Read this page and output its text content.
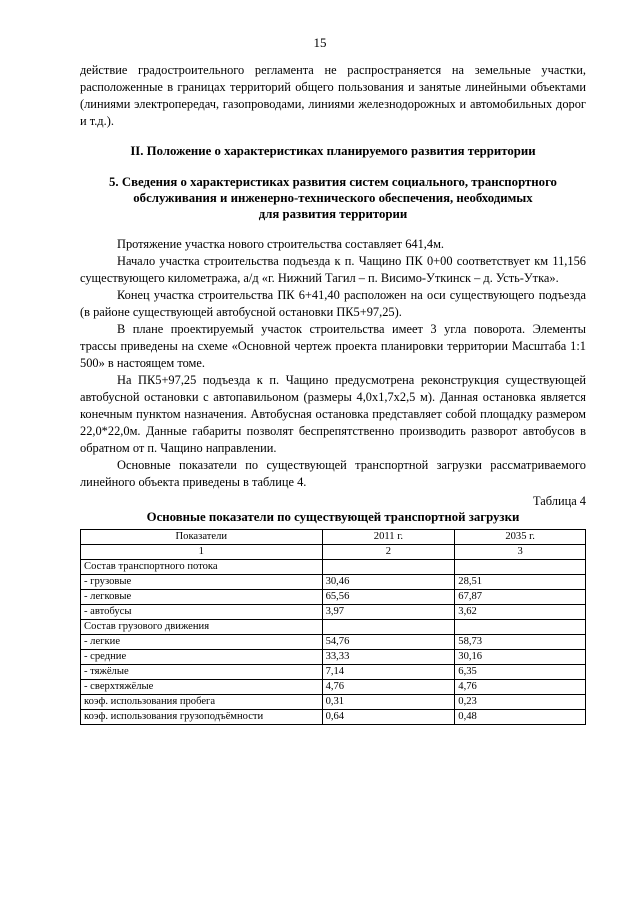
15

действие градостроительного регламента не распространяется на земельные участки, расположенные в границах территорий общего пользования и занятые линейными объектами (линиями электропередач, газопроводами, линиями железнодорожных и автомобильных дорог и т.д.).

II. Положение о характеристиках планируемого развития территории
5. Сведения о характеристиках развития систем социального, транспортного
обслуживания и инженерно-технического обеспечения, необходимых
для развития территории

Протяжение участка нового строительства составляет 641,4м.

Начало участка строительства подъезда к п. Чащино ПК 0+00 соответствует км 11,156 существующего километража, а/д «г. Нижний Тагил – п. Висимо-Уткинск – д. Усть-Утка».

Конец участка строительства ПК 6+41,40 расположен на оси существующего подъезда (в районе существующей автобусной остановки ПК5+97,25).

В плане проектируемый участок строительства имеет 3 угла поворота. Элементы трассы приведены на схеме «Основной чертеж проекта планировки территории Масштаба 1:1 500» в настоящем томе.

На ПК5+97,25 подъезда к п. Чащино предусмотрена реконструкция существующей автобусной остановки с автопавильоном (размеры 4,0х1,7х2,5 м). Данная остановка является конечным пунктом назначения. Автобусная остановка представляет собой площадку размером 22,0*22,0м. Данные габариты позволят беспрепятственно производить разворот автобусов в обратном от п. Чащино направлении.

Основные показатели по существующей транспортной загрузки рассматриваемого линейного объекта приведены в таблице 4.

Таблица 4
Основные показатели по существующей транспортной загрузки
Показатели	2011 г.	2035 г.
1	2	3
Состав транспортного потока		
- грузовые	30,46	28,51
- легковые	65,56	67,87
- автобусы	3,97	3,62
Состав грузового движения		
- легкие	54,76	58,73
- средние	33,33	30,16
- тяжёлые	7,14	6,35
- сверхтяжёлые	4,76	4,76
коэф. использования пробега	0,31	0,23
коэф. использования грузоподъёмности	0,64	0,48
